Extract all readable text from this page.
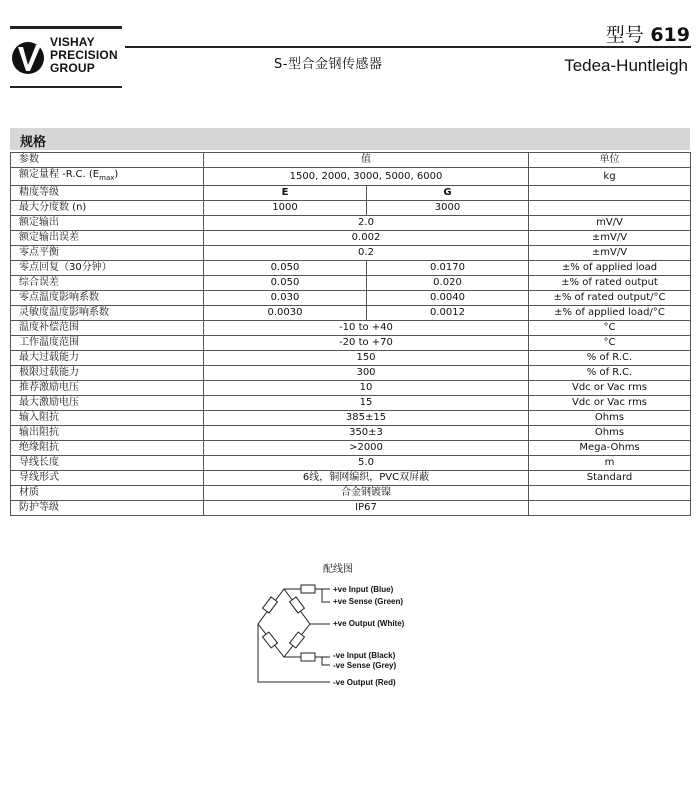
VISHAY
PRECISION
GROUP
型号 619
S-型合金钢传感器	Tedea-Huntleigh
规格
参数	值		单位
额定量程 -R.C. $(E_{max})$	1500, 2000, 3000, 5000, 6000		kg
精度等级	E	G	
最大分度数 (n)	1000	3000	
额定输出	2.0		mV/V
额定输出误差	0.002		±mV/V
零点平衡	0.2		±mV/V
零点回复（30分钟）	0.050	0.0170	±% of applied load
综合误差	0.050	0.020	±% of rated output
零点温度影响系数	0.030	0.0040	±% of rated output/°C
灵敏度温度影响系数	0.0030	0.0012	±% of applied load/°C
温度补偿范围	-10 to +40		°C
工作温度范围	-20 to +70		°C
最大过载能力	150		% of R.C.
极限过载能力	300		% of R.C.
推荐激励电压	10		Vdc or Vac rms
最大激励电压	15		Vdc or Vac rms
输入阻抗	385±15		Ohms
输出阻抗	350±3		Ohms
绝缘阻抗	>2000		Mega-Ohms
导线长度	5.0		m
导线形式	6线，铜网编织，PVC双屏蔽		Standard
材质	合金钢镀镍		
防护等级	IP67		
配线图
+ve Input (Blue)
+ve Sense (Green)
+ve Output (White)
-ve Input (Black)
-ve Sense (Grey)
-ve Output (Red)
